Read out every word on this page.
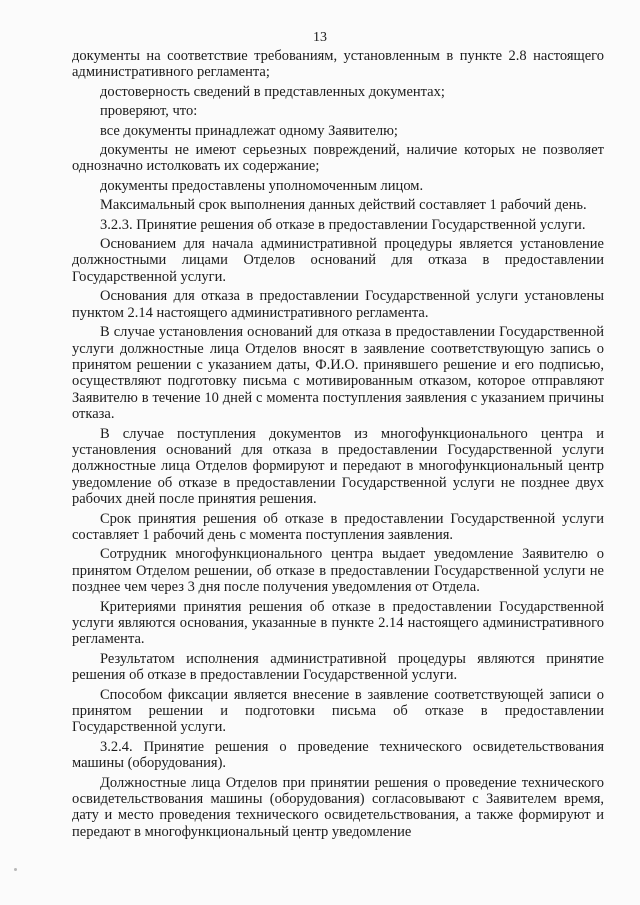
13

документы на соответствие требованиям, установленным в пункте 2.8 настоящего административного регламента;

достоверность сведений в представленных документах;

проверяют, что:

все документы принадлежат одному Заявителю;

документы не имеют серьезных повреждений, наличие которых не позволяет однозначно истолковать их содержание;

документы предоставлены уполномоченным лицом.

Максимальный срок выполнения данных действий составляет 1 рабочий день.

3.2.3. Принятие решения об отказе в предоставлении Государственной услуги.

Основанием для начала административной процедуры является установление должностными лицами Отделов оснований для отказа в предоставлении Государственной услуги.

Основания для отказа в предоставлении Государственной услуги установлены пунктом 2.14 настоящего административного регламента.

В случае установления оснований для отказа в предоставлении Государственной услуги должностные лица Отделов вносят в заявление соответствующую запись о принятом решении с указанием даты, Ф.И.О. принявшего решение и его подписью, осуществляют подготовку письма с мотивированным отказом, которое отправляют Заявителю в течение 10 дней с момента поступления заявления с указанием причины отказа.

В случае поступления документов из многофункционального центра и установления оснований для отказа в предоставлении Государственной услуги должностные лица Отделов формируют и передают в многофункциональный центр уведомление об отказе в предоставлении Государственной услуги не позднее двух рабочих дней после принятия решения.

Срок принятия решения об отказе в предоставлении Государственной услуги составляет 1 рабочий день с момента поступления заявления.

Сотрудник многофункционального центра выдает уведомление Заявителю о принятом Отделом решении, об отказе в предоставлении Государственной услуги не позднее чем через 3 дня после получения уведомления от Отдела.

Критериями принятия решения об отказе в предоставлении Государственной услуги являются основания, указанные в пункте 2.14 настоящего административного регламента.

Результатом исполнения административной процедуры являются принятие решения об отказе в предоставлении Государственной услуги.

Способом фиксации является внесение в заявление соответствующей записи о принятом решении и подготовки письма об отказе в предоставлении Государственной услуги.

3.2.4. Принятие решения о проведение технического освидетельствования машины (оборудования).

Должностные лица Отделов при принятии решения о проведение технического освидетельствования машины (оборудования) согласовывают с Заявителем время, дату и место проведения технического освидетельствования, а также формируют и передают в многофункциональный центр уведомление
